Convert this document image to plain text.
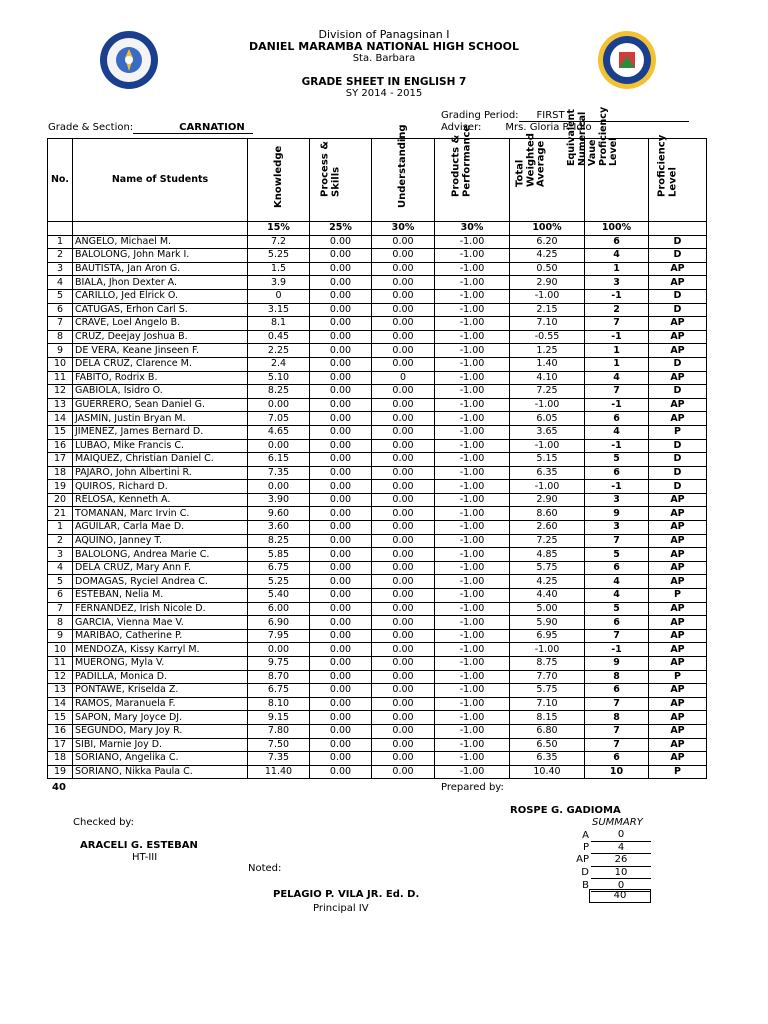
Division of Panagsinan I
DANIEL MARAMBA NATIONAL HIGH SCHOOL
Sta. Barbara
GRADE SHEET IN ENGLISH 7
SY 2014 - 2015
Grading Period: FIRST
Grade & Section:	CARNATION	Adviser: Mrs. Gloria P. Idio
No.	Name of Students	Knowledge	Process & Skills	Understanding	Products & Performance	Total Weighted Average	Equivalent Numerical Vaue Proficiency Level	Proficiency Level

		15%	25%	30%	30%	100%	100%	
1	ANGELO, Michael M.	7.2	0.00	0.00	-1.00	6.20	6	D
2	BALOLONG, John Mark I.	5.25	0.00	0.00	-1.00	4.25	4	D
3	BAUTISTA, Jan Aron G.	1.5	0.00	0.00	-1.00	0.50	1	AP
4	BIALA, Jhon Dexter A.	3.9	0.00	0.00	-1.00	2.90	3	AP
5	CARILLO, Jed Elrick O.	0	0.00	0.00	-1.00	-1.00	-1	D
6	CATUGAS, Erhon Carl S.	3.15	0.00	0.00	-1.00	2.15	2	D
7	CRAVE, Loel Angelo B.	8.1	0.00	0.00	-1.00	7.10	7	AP
8	CRUZ, Deejay Joshua B.	0.45	0.00	0.00	-1.00	-0.55	-1	AP
9	DE VERA, Keane Jinseen F.	2.25	0.00	0.00	-1.00	1.25	1	AP
10	DELA CRUZ, Clarence M.	2.4	0.00	0.00	-1.00	1.40	1	D
11	FABITO, Rodrix B.	5.10	0.00	0	-1.00	4.10	4	AP
12	GABIOLA, Isidro O.	8.25	0.00	0.00	-1.00	7.25	7	D
13	GUERRERO, Sean Daniel G.	0.00	0.00	0.00	-1.00	-1.00	-1	AP
14	JASMIN, Justin Bryan M.	7.05	0.00	0.00	-1.00	6.05	6	AP
15	JIMENEZ, James Bernard D.	4.65	0.00	0.00	-1.00	3.65	4	P
16	LUBAO, Mike Francis C.	0.00	0.00	0.00	-1.00	-1.00	-1	D
17	MAIQUEZ, Christian Daniel C.	6.15	0.00	0.00	-1.00	5.15	5	D
18	PAJARO, John Albertini R.	7.35	0.00	0.00	-1.00	6.35	6	D
19	QUIROS, Richard D.	0.00	0.00	0.00	-1.00	-1.00	-1	D
20	RELOSA, Kenneth A.	3.90	0.00	0.00	-1.00	2.90	3	AP
21	TOMANAN, Marc Irvin C.	9.60	0.00	0.00	-1.00	8.60	9	AP
1	AGUILAR, Carla Mae D.	3.60	0.00	0.00	-1.00	2.60	3	AP
2	AQUINO, Janney T.	8.25	0.00	0.00	-1.00	7.25	7	AP
3	BALOLONG, Andrea Marie C.	5.85	0.00	0.00	-1.00	4.85	5	AP
4	DELA CRUZ, Mary Ann F.	6.75	0.00	0.00	-1.00	5.75	6	AP
5	DOMAGAS, Ryciel Andrea C.	5.25	0.00	0.00	-1.00	4.25	4	AP
6	ESTEBAN, Nelia M.	5.40	0.00	0.00	-1.00	4.40	4	P
7	FERNANDEZ, Irish Nicole D.	6.00	0.00	0.00	-1.00	5.00	5	AP
8	GARCIA, Vienna Mae V.	6.90	0.00	0.00	-1.00	5.90	6	AP
9	MARIBAO, Catherine P.	7.95	0.00	0.00	-1.00	6.95	7	AP
10	MENDOZA, Kissy Karryl M.	0.00	0.00	0.00	-1.00	-1.00	-1	AP
11	MUERONG, Myla V.	9.75	0.00	0.00	-1.00	8.75	9	AP
12	PADILLA, Monica D.	8.70	0.00	0.00	-1.00	7.70	8	P
13	PONTAWE, Kriselda Z.	6.75	0.00	0.00	-1.00	5.75	6	AP
14	RAMOS, Maranuela F.	8.10	0.00	0.00	-1.00	7.10	7	AP
15	SAPON, Mary Joyce DJ.	9.15	0.00	0.00	-1.00	8.15	8	AP
16	SEGUNDO, Mary Joy R.	7.80	0.00	0.00	-1.00	6.80	7	AP
17	SIBI, Marnie Joy D.	7.50	0.00	0.00	-1.00	6.50	7	AP
18	SORIANO, Angelika C.	7.35	0.00	0.00	-1.00	6.35	6	AP
19	SORIANO, Nikka Paula C.	11.40	0.00	0.00	-1.00	10.40	10	P
40	Prepared by:
ROSPE G. GADIOMA
SUMMARY
Checked by:
ARACELI G. ESTEBAN
HT-III
Noted:
PELAGIO P. VILA JR. Ed. D.
Principal IV
A	0
P	4
AP	26
D	10
B	0
40
